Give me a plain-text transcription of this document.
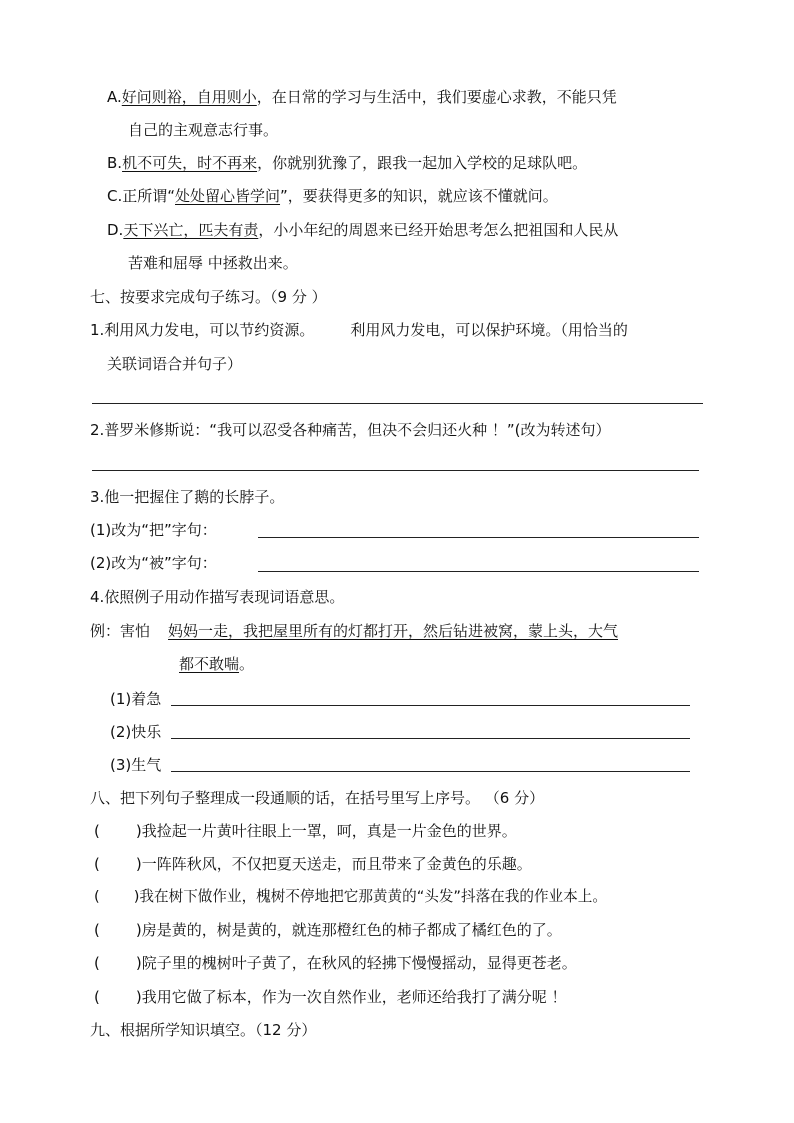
A.好问则裕，自用则小，在日常的学习与生活中，我们要虚心求教，不能只凭
自己的主观意志行事。
B.机不可失，时不再来，你就别犹豫了，跟我一起加入学校的足球队吧。
C.正所谓“处处留心皆学问”，要获得更多的知识，就应该不懂就问。
D.天下兴亡，匹夫有责，小小年纪的周恩来已经开始思考怎么把祖国和人民从
苦难和屈辱 中拯救出来。
七、按要求完成句子练习。（9 分 ）
1.利用风力发电，可以节约资源。 利用风力发电，可以保护环境。（用恰当的
关联词语合并句子）
2.普罗米修斯说：“我可以忍受各种痛苦，但决不会归还火种 ！”(改为转述句）
3.他一把握住了鹅的长脖子。
(1)改为“把”字句：
(2)改为“被”字句：
4.依照例子用动作描写表现词语意思。
例：害怕 妈妈一走，我把屋里所有的灯都打开，然后钻进被窝，蒙上头，大气
都不敢喘。
(1)着急
(2)快乐
(3)生气
八、把下列句子整理成一段通顺的话，在括号里写上序号。 （6 分）
( )我捡起一片黄叶往眼上一罩，呵，真是一片金色的世界。
( )一阵阵秋风，不仅把夏天送走，而且带来了金黄色的乐趣。
( )我在树下做作业，槐树不停地把它那黄黄的“头发”抖落在我的作业本上。
( )房是黄的，树是黄的，就连那橙红色的柿子都成了橘红色的了。
( )院子里的槐树叶子黄了，在秋风的轻拂下慢慢摇动，显得更苍老。
( )我用它做了标本，作为一次自然作业，老师还给我打了满分呢 ！
九、根据所学知识填空。（12 分）
